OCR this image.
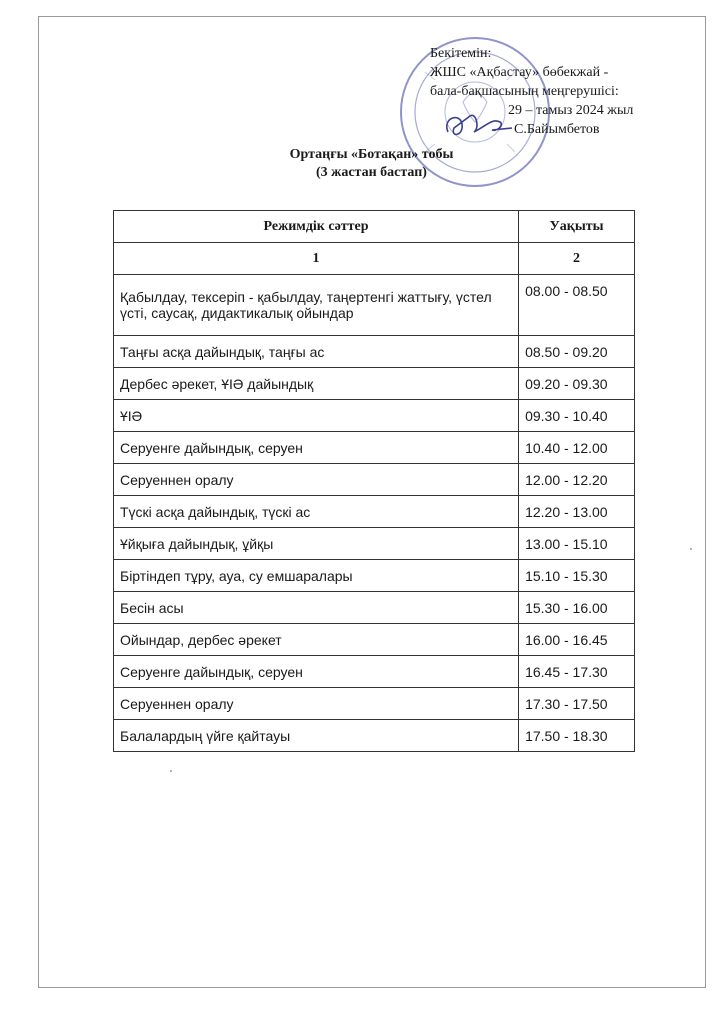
Бекітемін:
ЖШС «Ақбастау» бөбекжай -
бала-бақшасының меңгерушісі:
29 – тамыз 2024 жыл
С.Байымбетов
Ортаңғы «Ботақан» тобы
(3 жастан бастап)
Режимдік сәттер	Уақыты
1	2
Қабылдау, тексеріп - қабылдау, таңертенгі жаттығу, үстел үсті, саусақ, дидактикалық ойындар	08.00 - 08.50
Таңғы асқа дайындық, таңғы ас	08.50 - 09.20
Дербес әрекет, ҰІӘ дайындық	09.20 - 09.30
ҰІӘ	09.30 - 10.40
Серуенге дайындық, серуен	10.40 - 12.00
Серуеннен оралу	12.00 - 12.20
Түскі асқа дайындық, түскі ас	12.20 - 13.00
Ұйқыға дайындық, ұйқы	13.00 - 15.10
Біртіндеп тұру, ауа, су емшаралары	15.10 - 15.30
Бесін асы	15.30 - 16.00
Ойындар, дербес әрекет	16.00 - 16.45
Серуенге дайындық, серуен	16.45 - 17.30
Серуеннен оралу	17.30 - 17.50
Балалардың үйге қайтауы	17.50 - 18.30
